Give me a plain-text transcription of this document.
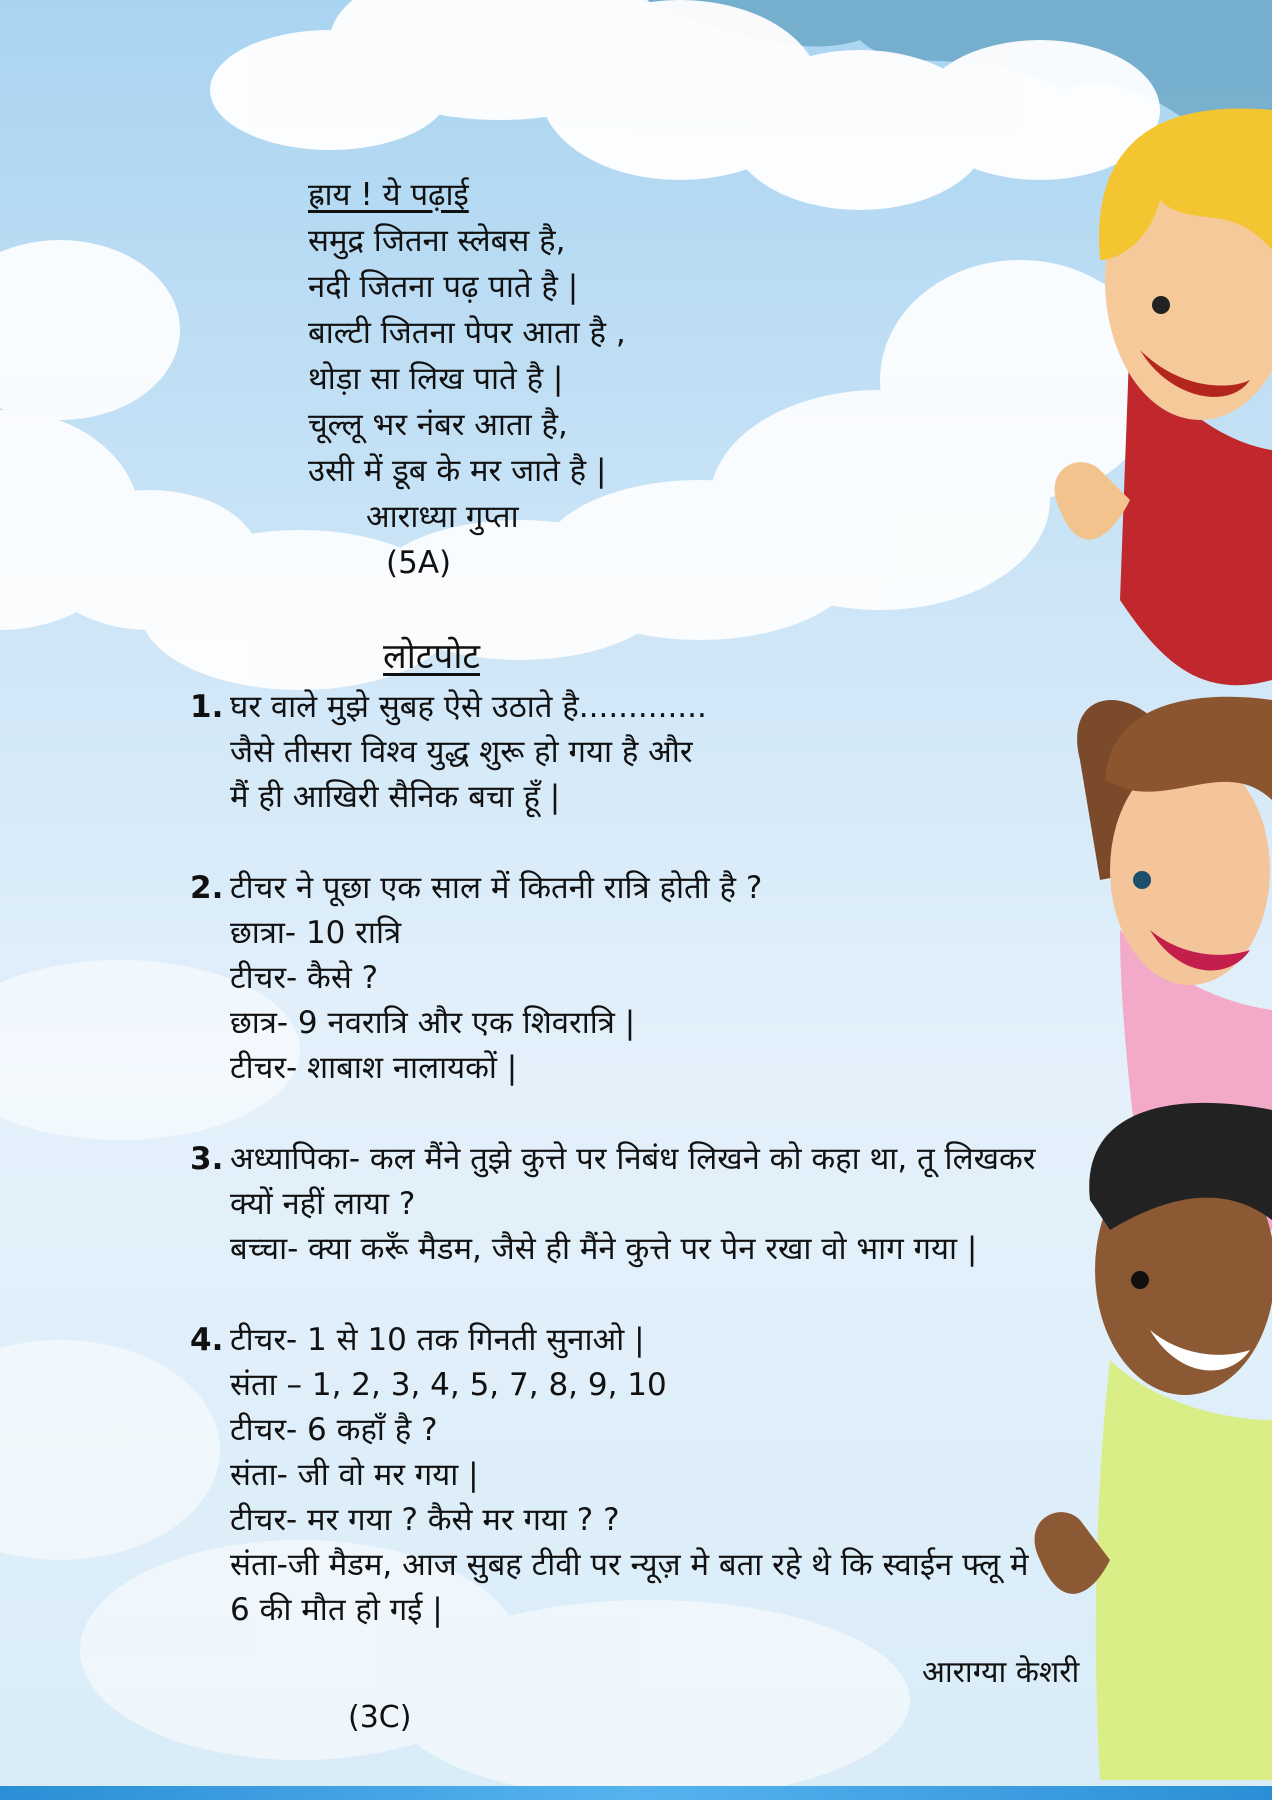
ह्राय ! ये पढ़ाई
समुद्र जितना स्लेबस है,
नदी जितना पढ़ पाते है |
बाल्टी जितना पेपर आता है ,
थोड़ा सा लिख पाते है |
चूल्लू भर नंबर आता है,
उसी में डूब के मर जाते है |
आराध्या गुप्ता
(5A)
लोटपोट
1. घर वाले मुझे सुबह ऐसे उठाते है.............
जैसे तीसरा विश्व युद्ध शुरू हो गया है और
मैं ही आखिरी सैनिक बचा हूँ |
2. टीचर ने पूछा एक साल में कितनी रात्रि होती है ?
छात्रा- 10 रात्रि
टीचर- कैसे ?
छात्र- 9 नवरात्रि और एक शिवरात्रि |
टीचर- शाबाश नालायकों |
3. अध्यापिका- कल मैंने तुझे कुत्ते पर निबंध लिखने को कहा था, तू लिखकर
क्यों नहीं लाया ?
बच्चा- क्या करूँ मैडम, जैसे ही मैंने कुत्ते पर पेन रखा वो भाग गया |
4. टीचर- 1 से 10 तक गिनती सुनाओ |
संता – 1, 2, 3, 4, 5, 7, 8, 9, 10
टीचर- 6 कहाँ है ?
संता- जी वो मर गया |
टीचर- मर गया ? कैसे मर गया ? ?
संता-जी मैडम, आज सुबह टीवी पर न्यूज़ मे बता रहे थे कि स्वाईन फ्लू मे
6 की मौत हो गई |
आराग्या केशरी
(3C)
